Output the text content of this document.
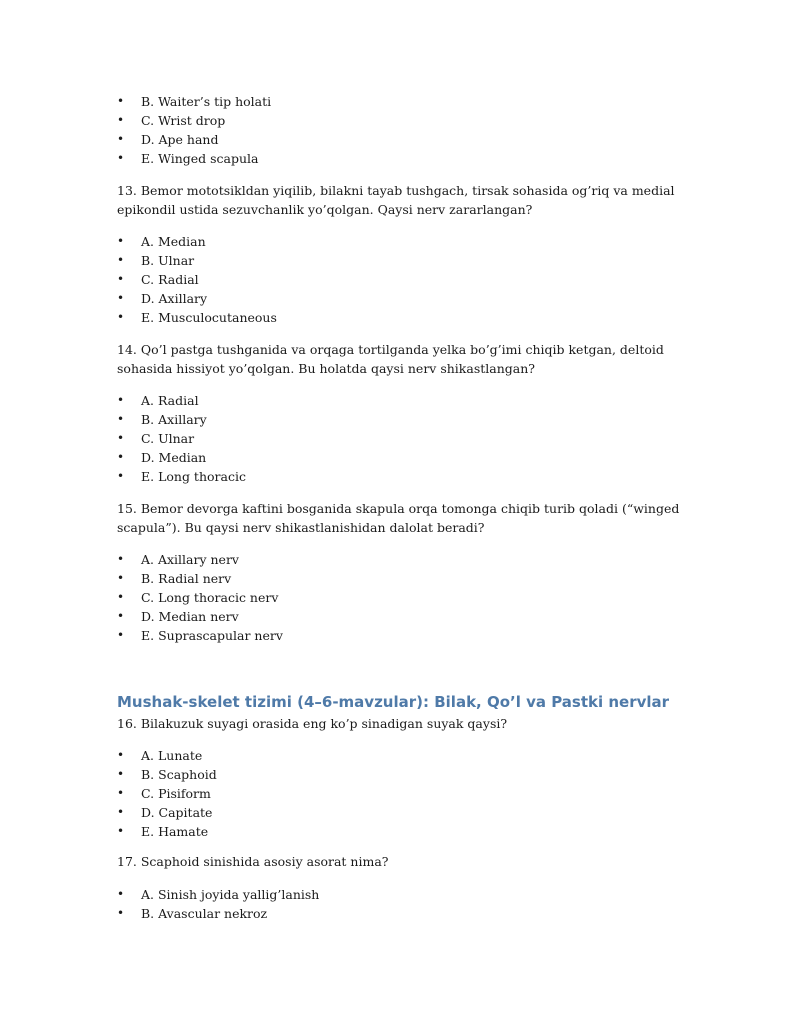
• B. Waiter’s tip holati
• C. Wrist drop
• D. Ape hand
• E. Winged scapula

13. Bemor mototsikldan yiqilib, bilakni tayab tushgach, tirsak sohasida og’riq va medial epikondil ustida sezuvchanlik yo’qolgan. Qaysi nerv zararlangan?

• A. Median
• B. Ulnar
• C. Radial
• D. Axillary
• E. Musculocutaneous

14. Qo’l pastga tushganida va orqaga tortilganda yelka bo’g’imi chiqib ketgan, deltoid sohasida hissiyot yo’qolgan. Bu holatda qaysi nerv shikastlangan?

• A. Radial
• B. Axillary
• C. Ulnar
• D. Median
• E. Long thoracic

15. Bemor devorga kaftini bosganida skapula orqa tomonga chiqib turib qoladi (“winged scapula”). Bu qaysi nerv shikastlanishidan dalolat beradi?

• A. Axillary nerv
• B. Radial nerv
• C. Long thoracic nerv
• D. Median nerv
• E. Suprascapular nerv
Mushak-skelet tizimi (4–6-mavzular): Bilak, Qo’l va Pastki nervlar

16. Bilakuzuk suyagi orasida eng ko’p sinadigan suyak qaysi?

• A. Lunate
• B. Scaphoid
• C. Pisiform
• D. Capitate
• E. Hamate

17. Scaphoid sinishida asosiy asorat nima?

• A. Sinish joyida yallig’lanish
• B. Avascular nekroz
